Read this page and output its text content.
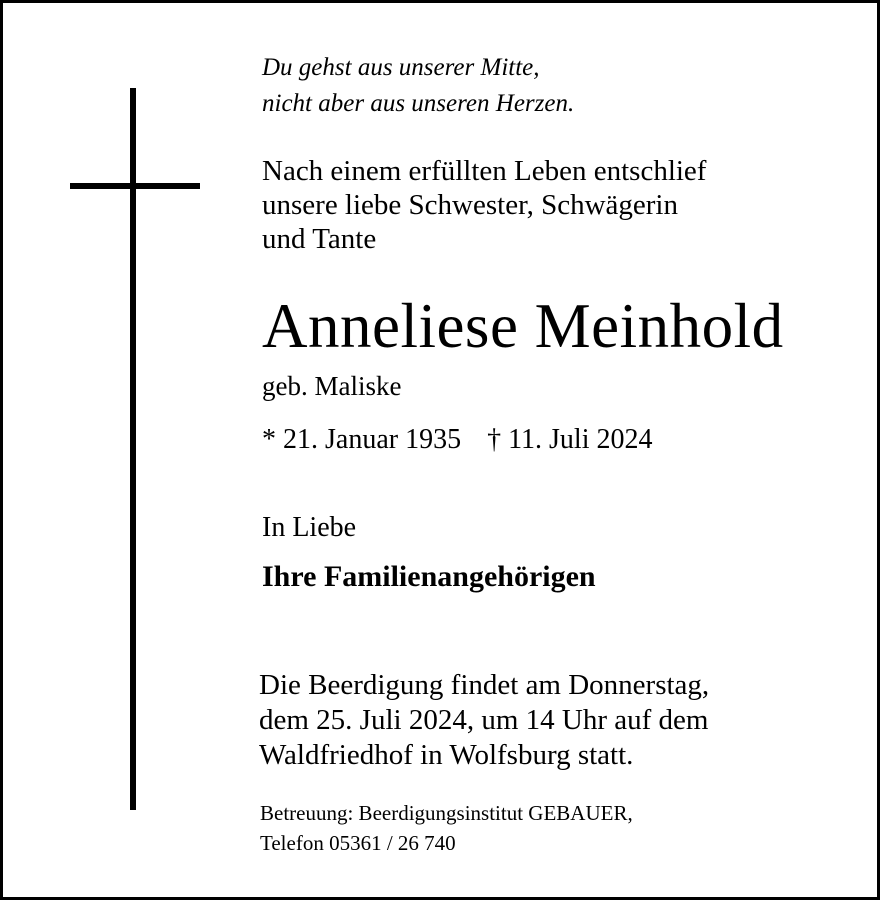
Du gehst aus unserer Mitte,
nicht aber aus unseren Herzen.
Nach einem erfüllten Leben entschlief
unsere liebe Schwester, Schwägerin
und Tante
Anneliese Meinhold
geb. Maliske
* 21. Januar 1935 † 11. Juli 2024
In Liebe
Ihre Familienangehörigen
Die Beerdigung findet am Donnerstag,
dem 25. Juli 2024, um 14 Uhr auf dem
Waldfriedhof in Wolfsburg statt.
Betreuung: Beerdigungsinstitut GEBAUER,
Telefon 05361 / 26 740
